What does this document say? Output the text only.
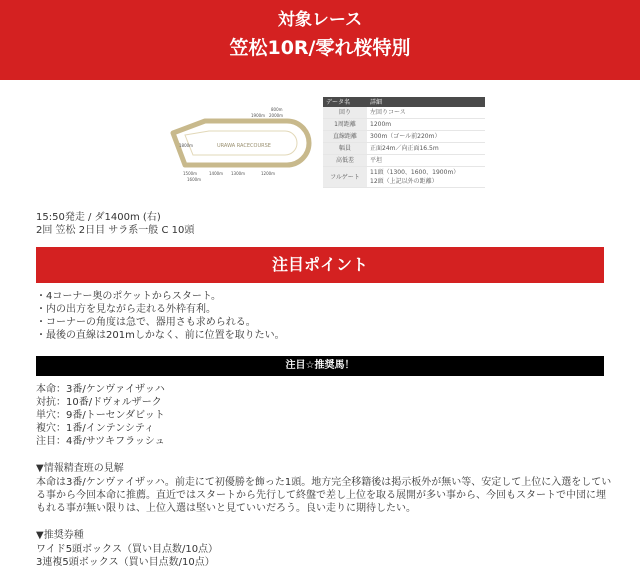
対象レース
笠松10R/零れ桜特別
URAWA RACECOURSE
1800m
1900m 2000m
1400m 1300m
800m
1500m
1600m
1200m
データ名	詳細
回り	左回りコース
1周距離	1200m
直線距離	300m（ゴール前220m）
幅員	正面24m／向正面16.5m
高低差	平坦
フルゲート	11頭（1300、1600、1900m）
12頭（上記以外の距離）
15:50発走 / ダ1400m (右)
2回 笠松 2日目 サラ系一般 C 10頭
注目ポイント
・4コーナー奥のポケットからスタート。
・内の出方を見ながら走れる外枠有利。
・コーナーの角度は急で、器用さも求められる。
・最後の直線は201mしかなく、前に位置を取りたい。
注目☆推奨馬！
本命：3番/ケンヴァイザッハ
対抗：10番/ドヴォルザーク
単穴：9番/トーセンダビット
複穴：1番/インテンシティ
注目：4番/サツキフラッシュ
▼情報精査班の見解

本命は3番/ケンヴァイザッハ。前走にて初優勝を飾った1頭。地方完全移籍後は掲示板外が無い等、安定して上位に入選をしている事から今回本命に推薦。直近ではスタートから先行して終盤で差し上位を取る展開が多い事から、今回もスタートで中団に埋もれる事が無い限りは、上位入選は堅いと見ていいだろう。良い走りに期待したい。

▼推奨券種
ワイド5頭ボックス（買い目点数/10点）
3連複5頭ボックス（買い目点数/10点）
